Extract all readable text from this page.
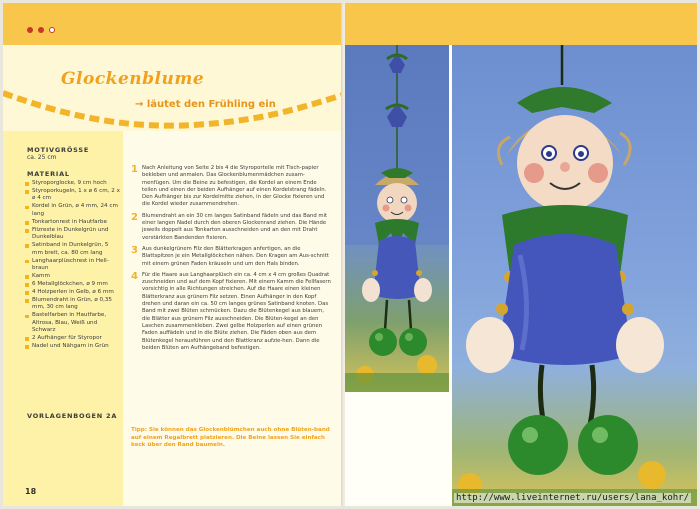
Glockenblume
→ läutet den Frühling ein
MOTIVGRÖSSE
ca. 25 cm
MATERIAL
Styroporglocke, 9 cm hoch
Styroporkugeln, 1 x ø 6 cm, 2 x ø 4 cm
Kordel in Grün, ø 4 mm, 24 cm lang
Tonkartonrest in Hautfarbe
Filzreste in Dunkelgrün und Dunkelblau
Satinband in Dunkelgrün, 5 mm breit, ca. 80 cm lang
Langhaarplüschrest in Hell-braun
Kamm
6 Metallglöckchen, ø 9 mm
4 Holzperlen in Gelb, ø 6 mm
Blumendraht in Grün, ø 0,35 mm, 30 cm lang
Bastelfarben in Hautfarbe, Altrosa, Blau, Weiß und Schwarz
2 Aufhänger für Styropor
Nadel und Nähgarn in Grün
VORLAGENBOGEN 2A
1 Nach Anleitung von Seite 2 bis 4 die Styroporteile mit Tisch-papier bekleben und anmalen. Das Glockenblumenmädchen zusam-menfügen. Um die Beine zu befestigen, die Kordel an einem Ende teilen und einen der beiden Aufhänger auf einen Kordelstrang fädeln. Den Aufhänger bis zur Kordelmitte ziehen, in der Glocke fixieren und die Kordel wieder zusammendrehen.
2 Blumendraht an ein 30 cm langes Satinband fädeln und das Band mit einer langen Nadel durch den oberen Glockenrand ziehen. Die Hände jeweils doppelt aus Tonkarton ausschneiden und an den mit Draht verstärkten Bandenden fixieren.
3 Aus dunkelgrünem Filz den Blätterkragen anfertigen, an die Blattspitzen je ein Metallglöckchen nähen. Den Kragen am Aus-schnitt mit einem grünen Faden kräuseln und um den Hals binden.
4 Für die Haare aus Langhaarplüsch ein ca. 4 cm x 4 cm großes Quadrat zuschneiden und auf dem Kopf fixieren. Mit einem Kamm die Fellfasern vorsichtig in alle Richtungen streichen. Auf die Haare einen kleinen Blätterkranz aus grünem Filz setzen. Einen Aufhänger in den Kopf drehen und daran ein ca. 50 cm langes grünes Satinband knoten. Das Band mit zwei Blüten schmücken. Dazu die Blütenkegel aus blauem, die Blätter aus grünem Filz ausschneiden. Die Blüten-kegel an den Laschen zusammenkleben. Zwei gelbe Holzperlen auf einen grünen Faden auffädeln und in die Blüte ziehen. Die Fäden oben aus dem Blütenkegel herausführen und den Blattkranz aufzie-hen. Dann die beiden Blüten am Aufhängeband befestigen.
Tipp: Sie können das Glockenblümchen auch ohne Blüten-band auf einem Regalbrett platzieren. Die Beine lassen Sie einfach keck über den Rand baumeln.
18
http://www.liveinternet.ru/users/lana_kohr/
